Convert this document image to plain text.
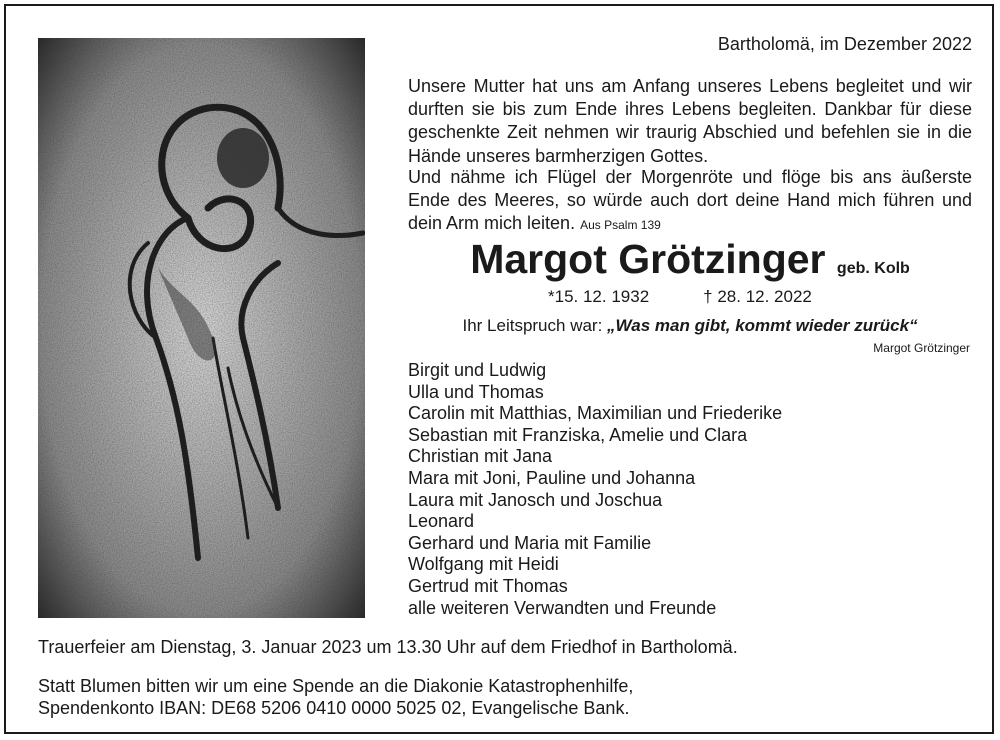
Bartholomä, im Dezember 2022

Unsere Mutter hat uns am Anfang unseres Lebens begleitet und wir durften sie bis zum Ende ihres Lebens begleiten. Dankbar für diese geschenkte Zeit nehmen wir traurig Abschied und befehlen sie in die Hände unseres barmherzigen Gottes.

Und nähme ich Flügel der Morgenröte und flöge bis ans äußerste Ende des Meeres, so würde auch dort deine Hand mich führen und dein Arm mich leiten. Aus Psalm 139

Margot Grötzinger geb. Kolb
*15. 12. 1932	† 28. 12. 2022
Ihr Leitspruch war: „Was man gibt, kommt wieder zurück“
Margot Grötzinger
Birgit und Ludwig
Ulla und Thomas
Carolin mit Matthias, Maximilian und Friederike
Sebastian mit Franziska, Amelie und Clara
Christian mit Jana
Mara mit Joni, Pauline und Johanna
Laura mit Janosch und Joschua
Leonard
Gerhard und Maria mit Familie
Wolfgang mit Heidi
Gertrud mit Thomas
alle weiteren Verwandten und Freunde
Trauerfeier am Dienstag, 3. Januar 2023 um 13.30 Uhr auf dem Friedhof in Bartholomä.
Statt Blumen bitten wir um eine Spende an die Diakonie Katastrophenhilfe,
Spendenkonto IBAN: DE68 5206 0410 0000 5025 02, Evangelische Bank.
